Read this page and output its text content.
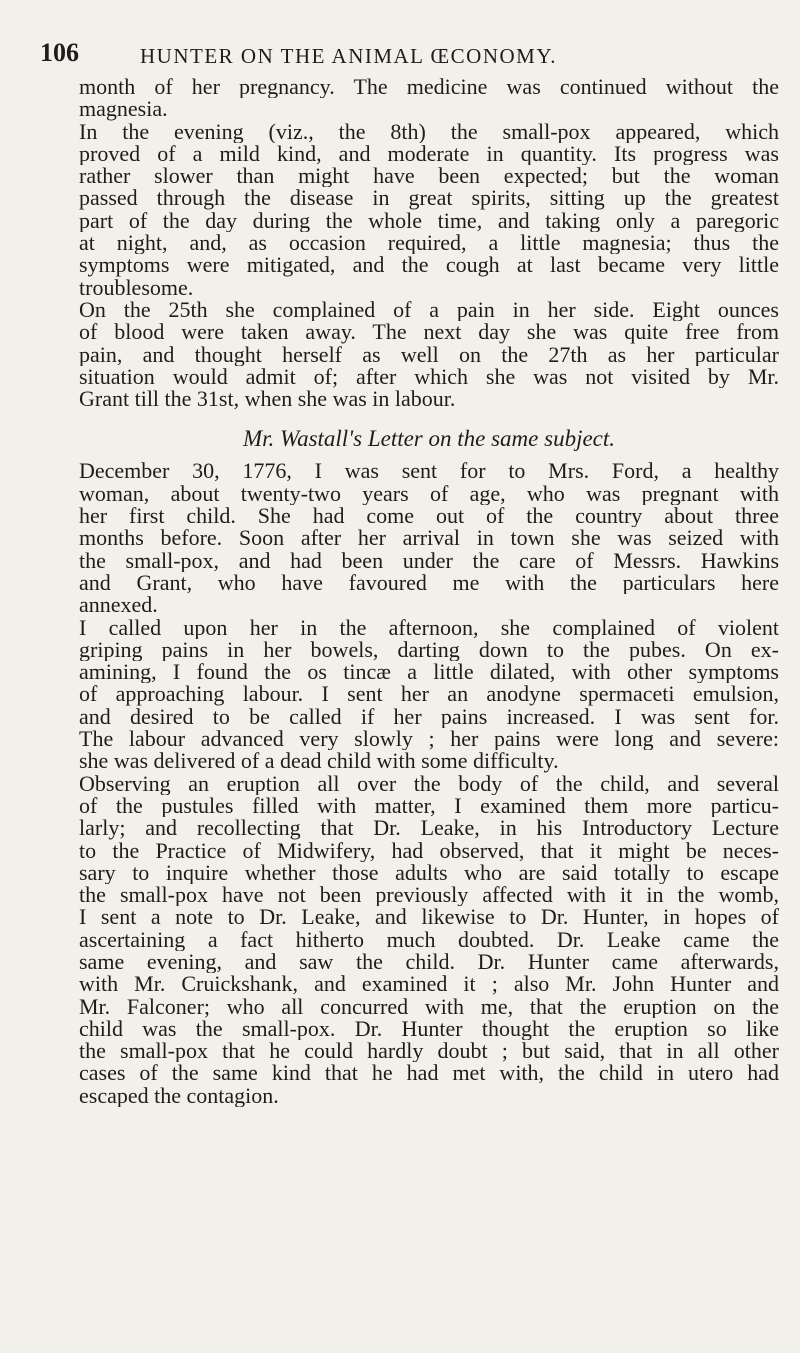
106	HUNTER ON THE ANIMAL ŒCONOMY.
month of her pregnancy. The medicine was continued without the
magnesia.
In the evening (viz., the 8th) the small-pox appeared, which
proved of a mild kind, and moderate in quantity. Its progress was
rather slower than might have been expected; but the woman
passed through the disease in great spirits, sitting up the greatest
part of the day during the whole time, and taking only a paregoric
at night, and, as occasion required, a little magnesia; thus the
symptoms were mitigated, and the cough at last became very little
troublesome.
On the 25th she complained of a pain in her side. Eight ounces
of blood were taken away. The next day she was quite free from
pain, and thought herself as well on the 27th as her particular
situation would admit of; after which she was not visited by Mr.
Grant till the 31st, when she was in labour.
Mr. Wastall's Letter on the same subject.
December 30, 1776, I was sent for to Mrs. Ford, a healthy
woman, about twenty-two years of age, who was pregnant with
her first child. She had come out of the country about three
months before. Soon after her arrival in town she was seized with
the small-pox, and had been under the care of Messrs. Hawkins
and Grant, who have favoured me with the particulars here
annexed.
I called upon her in the afternoon, she complained of violent
griping pains in her bowels, darting down to the pubes. On ex-
amining, I found the os tincæ a little dilated, with other symptoms
of approaching labour. I sent her an anodyne spermaceti emulsion,
and desired to be called if her pains increased. I was sent for.
The labour advanced very slowly ; her pains were long and severe:
she was delivered of a dead child with some difficulty.
Observing an eruption all over the body of the child, and several
of the pustules filled with matter, I examined them more particu-
larly; and recollecting that Dr. Leake, in his Introductory Lecture
to the Practice of Midwifery, had observed, that it might be neces-
sary to inquire whether those adults who are said totally to escape
the small-pox have not been previously affected with it in the womb,
I sent a note to Dr. Leake, and likewise to Dr. Hunter, in hopes of
ascertaining a fact hitherto much doubted. Dr. Leake came the
same evening, and saw the child. Dr. Hunter came afterwards,
with Mr. Cruickshank, and examined it ; also Mr. John Hunter and
Mr. Falconer; who all concurred with me, that the eruption on the
child was the small-pox. Dr. Hunter thought the eruption so like
the small-pox that he could hardly doubt ; but said, that in all other
cases of the same kind that he had met with, the child in utero had
escaped the contagion.
